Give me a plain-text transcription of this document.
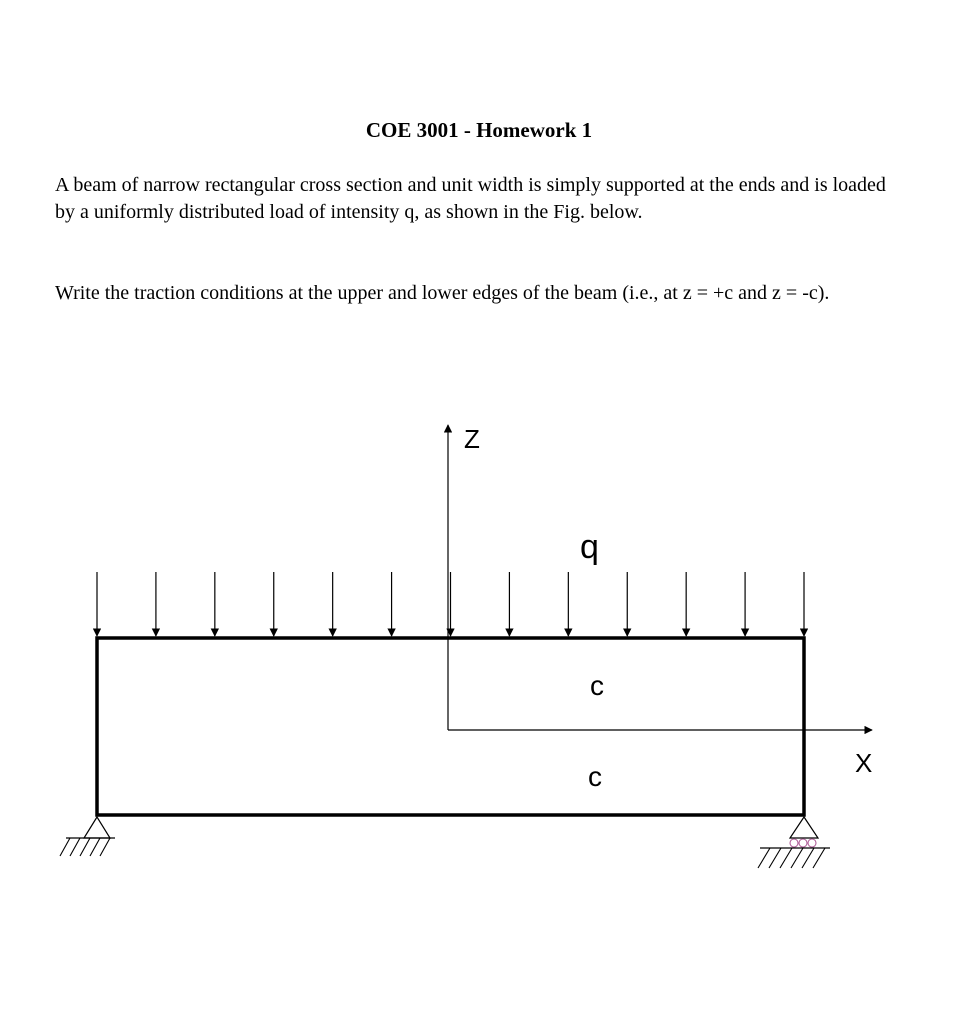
COE 3001 - Homework 1

A beam of narrow rectangular cross section and unit width is simply supported at the ends and is loaded by a uniformly distributed load of intensity q, as shown in the Fig. below.

Write the traction conditions at the upper and lower edges of the beam (i.e., at z = +c and z = -c).

Z
X
q
c
c
